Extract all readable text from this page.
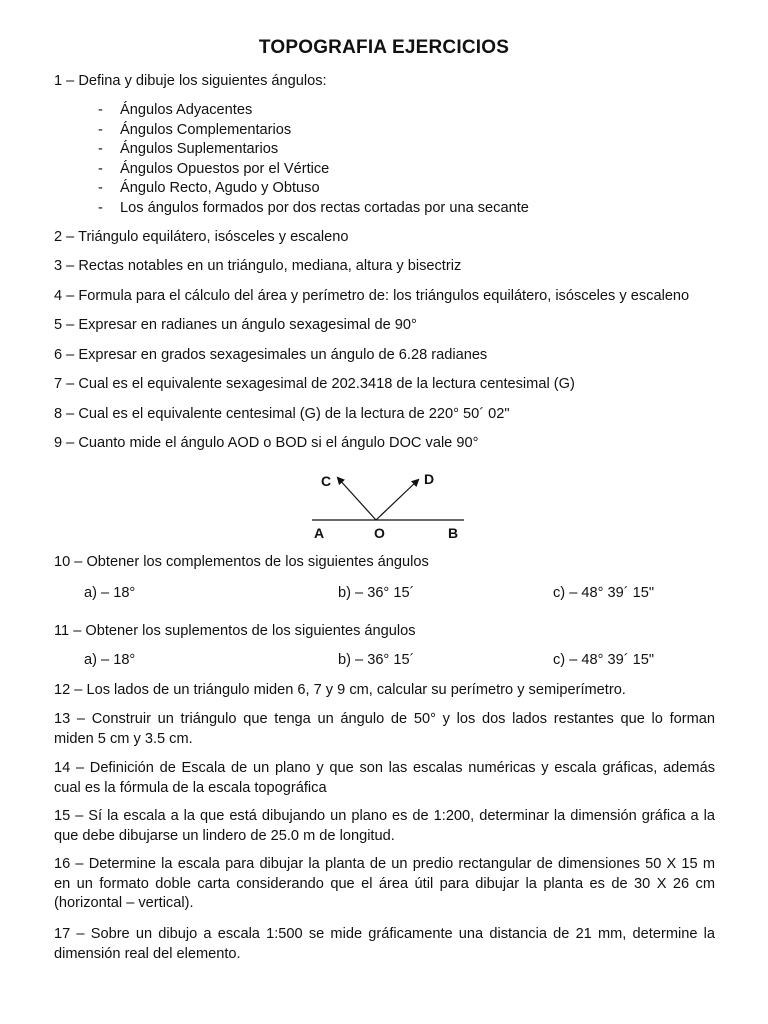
TOPOGRAFIA EJERCICIOS
1 – Defina y dibuje los siguientes ángulos:
- Ángulos Adyacentes
- Ángulos Complementarios
- Ángulos Suplementarios
- Ángulos Opuestos por el Vértice
- Ángulo Recto, Agudo y Obtuso
- Los ángulos formados por dos rectas cortadas por una secante
2 – Triángulo equilátero, isósceles y escaleno
3 – Rectas notables en un triángulo, mediana, altura y bisectriz
4 – Formula para el cálculo del área y perímetro de: los triángulos equilátero, isósceles y escaleno
5 – Expresar en radianes un ángulo sexagesimal de 90°
6 – Expresar en grados sexagesimales un ángulo de 6.28 radianes
7 – Cual es el equivalente sexagesimal de 202.3418 de la lectura centesimal (G)
8 – Cual es el equivalente centesimal (G) de la lectura de 220° 50´ 02"
9 – Cuanto mide el ángulo AOD o BOD si el ángulo DOC vale 90°
C	D
A	O	B
10 – Obtener los complementos de los siguientes ángulos
a) – 18°	b) – 36° 15´	c) – 48° 39´ 15"
11 – Obtener los suplementos de los siguientes ángulos
a) – 18°	b) – 36° 15´	c) – 48° 39´ 15"
12 – Los lados de un triángulo miden 6, 7 y 9 cm, calcular su perímetro y semiperímetro.
13 – Construir un triángulo que tenga un ángulo de 50° y los dos lados restantes que lo forman
miden 5 cm y 3.5 cm.
14 – Definición de Escala de un plano y que son las escalas numéricas y escala gráficas, además
cual es la fórmula de la escala topográfica
15 – Sí la escala a la que está dibujando un plano es de 1:200, determinar la dimensión gráfica a la
que debe dibujarse un lindero de 25.0 m de longitud.
16 – Determine la escala para dibujar la planta de un predio rectangular de dimensiones 50 X 15 m
en un formato doble carta considerando que el área útil para dibujar la planta es de 30 X 26 cm
(horizontal – vertical).
17 – Sobre un dibujo a escala 1:500 se mide gráficamente una distancia de 21 mm, determine la
dimensión real del elemento.
